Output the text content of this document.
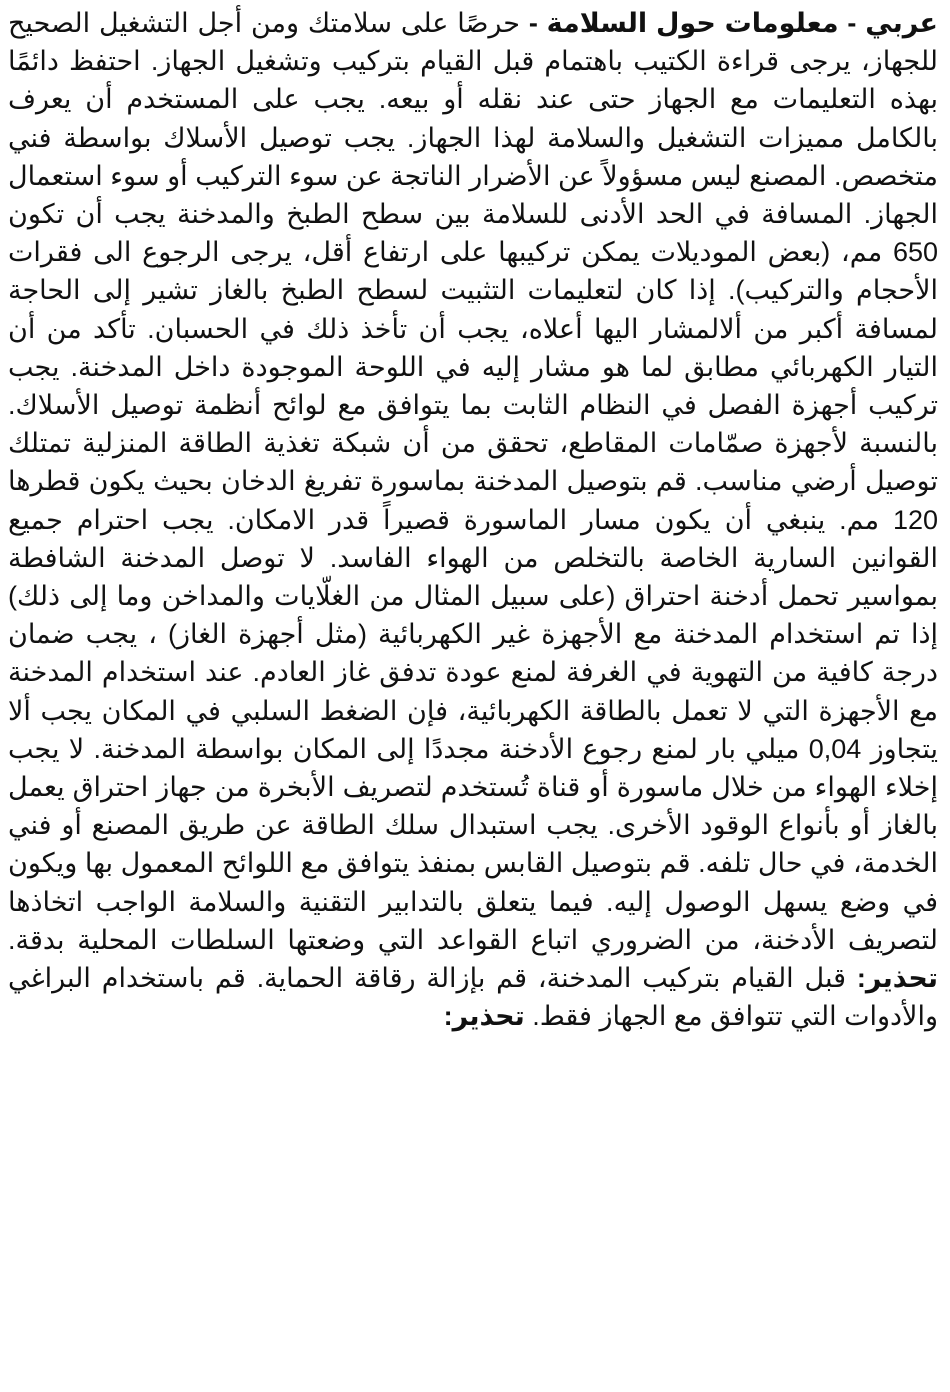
عربي - معلومات حول السلامة - حرصًا على سلامتك ومن أجل التشغيل الصحيح للجهاز، يرجى قراءة الكتيب باهتمام قبل القيام بتركيب وتشغيل الجهاز. احتفظ دائمًا بهذه التعليمات مع الجهاز حتى عند نقله أو بيعه. يجب على المستخدم أن يعرف بالكامل مميزات التشغيل والسلامة لهذا الجهاز. يجب توصيل الأسلاك بواسطة فني متخصص. المصنع ليس مسؤولاً عن الأضرار الناتجة عن سوء التركيب أو سوء استعمال الجهاز. المسافة في الحد الأدنى للسلامة بين سطح الطبخ والمدخنة يجب أن تكون 650 مم، (بعض الموديلات يمكن تركيبها على ارتفاع أقل، يرجى الرجوع الى فقرات الأحجام والتركيب). إذا كان لتعليمات التثبيت لسطح الطبخ بالغاز تشير إلى الحاجة لمسافة أكبر من ألالمشار اليها أعلاه، يجب أن تأخذ ذلك في الحسبان. تأكد من أن التيار الكهربائي مطابق لما هو مشار إليه في اللوحة الموجودة داخل المدخنة. يجب تركيب أجهزة الفصل في النظام الثابت بما يتوافق مع لوائح أنظمة توصيل الأسلاك. بالنسبة لأجهزة صمّامات المقاطع، تحقق من أن شبكة تغذية الطاقة المنزلية تمتلك توصيل أرضي مناسب. قم بتوصيل المدخنة بماسورة تفريغ الدخان بحيث يكون قطرها 120 مم. ينبغي أن يكون مسار الماسورة قصيراً قدر الامكان. يجب احترام جميع القوانين السارية الخاصة بالتخلص من الهواء الفاسد. لا توصل المدخنة الشافطة بمواسير تحمل أدخنة احتراق (على سبيل المثال من الغلّايات والمداخن وما إلى ذلك) إذا تم استخدام المدخنة مع الأجهزة غير الكهربائية (مثل أجهزة الغاز) ، يجب ضمان درجة كافية من التهوية في الغرفة لمنع عودة تدفق غاز العادم. عند استخدام المدخنة مع الأجهزة التي لا تعمل بالطاقة الكهربائية، فإن الضغط السلبي في المكان يجب ألا يتجاوز 0,04 ميلي بار لمنع رجوع الأدخنة مجددًا إلى المكان بواسطة المدخنة. لا يجب إخلاء الهواء من خلال ماسورة أو قناة تُستخدم لتصريف الأبخرة من جهاز احتراق يعمل بالغاز أو بأنواع الوقود الأخرى. يجب استبدال سلك الطاقة عن طريق المصنع أو فني الخدمة، في حال تلفه. قم بتوصيل القابس بمنفذ يتوافق مع اللوائح المعمول بها ويكون في وضع يسهل الوصول إليه. فيما يتعلق بالتدابير التقنية والسلامة الواجب اتخاذها لتصريف الأدخنة، من الضروري اتباع القواعد التي وضعتها السلطات المحلية بدقة. تحذير: قبل القيام بتركيب المدخنة، قم بإزالة رقاقة الحماية. قم باستخدام البراغي والأدوات التي تتوافق مع الجهاز فقط. تحذير:
